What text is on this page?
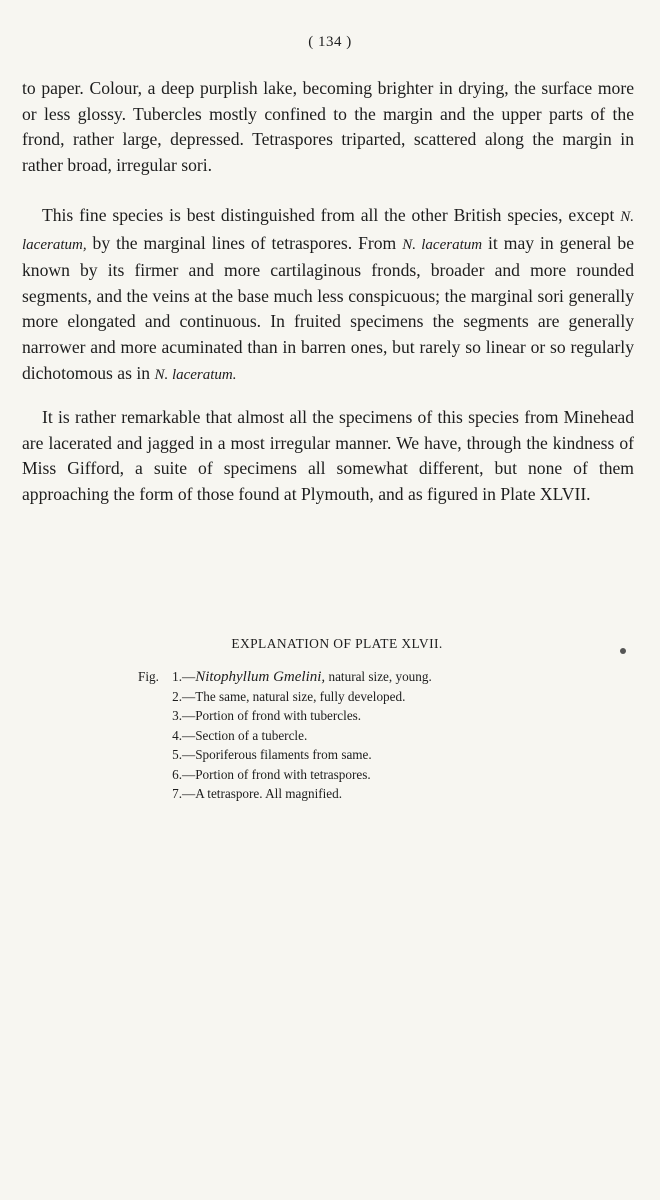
( 134 )

to paper. Colour, a deep purplish lake, becoming brighter in drying, the surface more or less glossy. Tubercles mostly confined to the margin and the upper parts of the frond, rather large, depressed. Tetraspores triparted, scattered along the margin in rather broad, irregular sori.

This fine species is best distinguished from all the other British species, except N. laceratum, by the marginal lines of tetraspores. From N. laceratum it may in general be known by its firmer and more cartilaginous fronds, broader and more rounded segments, and the veins at the base much less conspicuous; the marginal sori generally more elongated and continuous. In fruited specimens the segments are generally narrower and more acuminated than in barren ones, but rarely so linear or so regularly dichotomous as in N. laceratum.

It is rather remarkable that almost all the specimens of this species from Minehead are lacerated and jagged in a most irregular manner. We have, through the kindness of Miss Gifford, a suite of specimens all somewhat different, but none of them approaching the form of those found at Plymouth, and as figured in Plate XLVII.

EXPLANATION OF PLATE XLVII.
Fig. 1. —Nitophyllum Gmelini, natural size, young.
2. —The same, natural size, fully developed.
3. —Portion of frond with tubercles.
4. —Section of a tubercle.
5. —Sporiferous filaments from same.
6. —Portion of frond with tetraspores.
7. —A tetraspore. All magnified.
